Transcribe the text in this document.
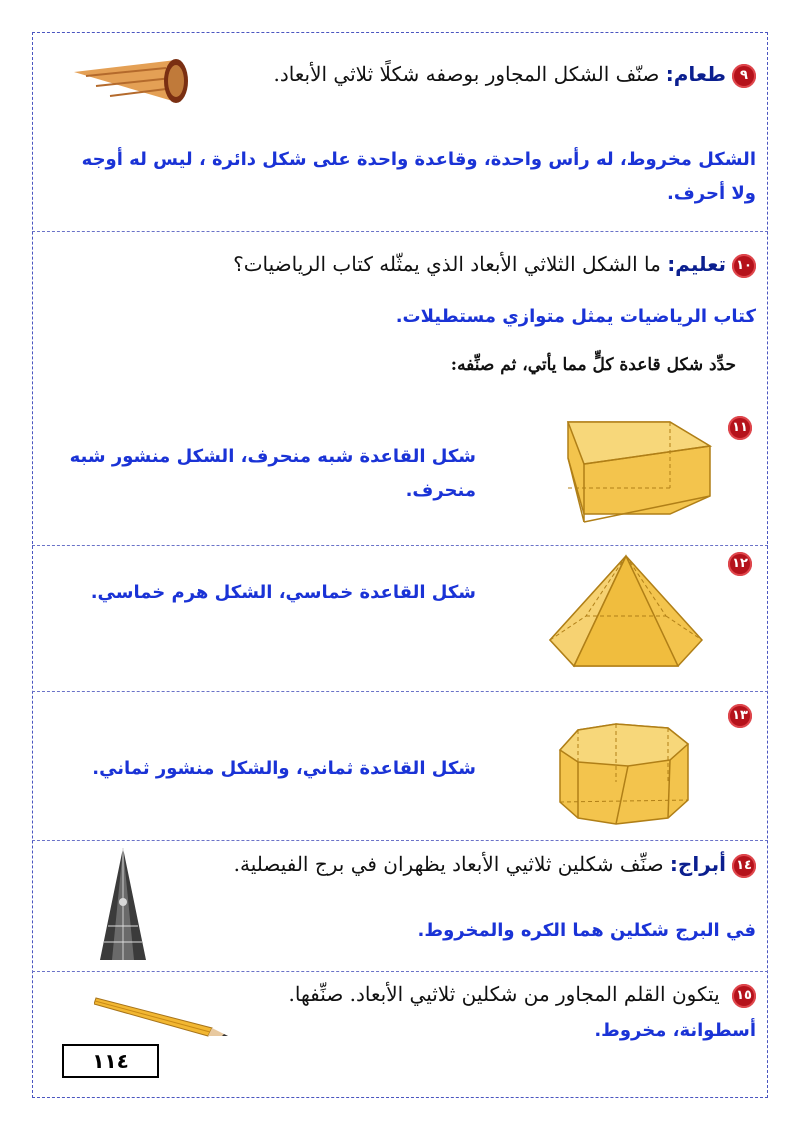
٩طعام: صنّف الشكل المجاور بوصفه شكلًا ثلاثي الأبعاد.
الشكل مخروط، له رأس واحدة، وقاعدة واحدة على شكل دائرة ، ليس له أوجه ولا أحرف.
١٠تعليم: ما الشكل الثلاثي الأبعاد الذي يمثّله كتاب الرياضيات؟
كتاب الرياضيات يمثل متوازي مستطيلات.
حدِّد شكل قاعدة كلٍّ مما يأتي، ثم صنِّفه:
١١
شكل القاعدة شبه منحرف، الشكل منشور شبه منحرف.
١٢
شكل القاعدة خماسي، الشكل هرم خماسي.
١٣
شكل القاعدة ثماني، والشكل منشور ثماني.
١٤أبراج: صنِّف شكلين ثلاثيي الأبعاد يظهران في برج الفيصلية.
في البرج شكلين هما الكره والمخروط.
١٥ يتكون القلم المجاور من شكلين ثلاثيي الأبعاد. صنِّفها.
أسطوانة، مخروط.
١١٤
